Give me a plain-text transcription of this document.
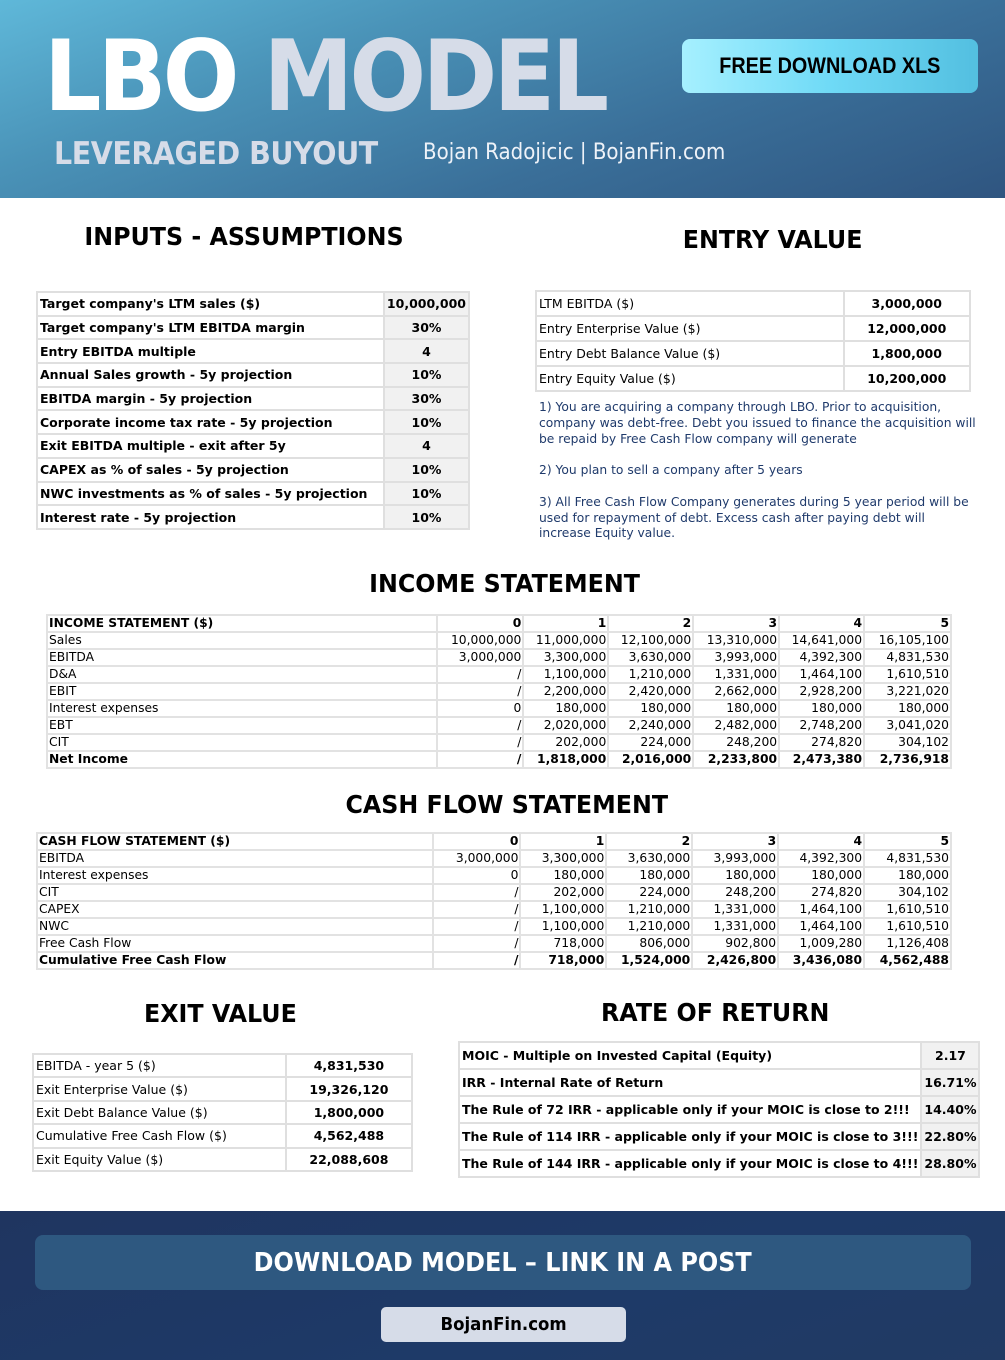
LBO MODEL
LEVERAGED BUYOUT Bojan Radojicic | BojanFin.com
FREE DOWNLOAD XLS
INPUTS - ASSUMPTIONS
Target company's LTM sales ($)	10,000,000
Target company's LTM EBITDA margin	30%
Entry EBITDA multiple	4
Annual Sales growth - 5y projection	10%
EBITDA margin - 5y projection	30%
Corporate income tax rate - 5y projection	10%
Exit EBITDA multiple - exit after 5y	4
CAPEX as % of sales - 5y projection	10%
NWC investments as % of sales - 5y projection	10%
Interest rate - 5y projection	10%
ENTRY VALUE
LTM EBITDA ($)	3,000,000
Entry Enterprise Value ($)	12,000,000
Entry Debt Balance Value ($)	1,800,000
Entry Equity Value ($)	10,200,000

1) You are acquiring a company through LBO. Prior to acquisition, company was debt-free. Debt you issued to finance the acquisition will be repaid by Free Cash Flow company will generate

2) You plan to sell a company after 5 years

3) All Free Cash Flow Company generates during 5 year period will be used for repayment of debt. Excess cash after paying debt will increase Equity value.

INCOME STATEMENT
INCOME STATEMENT ($)	0	1	2	3	4	5
Sales	10,000,000	11,000,000	12,100,000	13,310,000	14,641,000	16,105,100
EBITDA	3,000,000	3,300,000	3,630,000	3,993,000	4,392,300	4,831,530
D&A	/	1,100,000	1,210,000	1,331,000	1,464,100	1,610,510
EBIT	/	2,200,000	2,420,000	2,662,000	2,928,200	3,221,020
Interest expenses	0	180,000	180,000	180,000	180,000	180,000
EBT	/	2,020,000	2,240,000	2,482,000	2,748,200	3,041,020
CIT	/	202,000	224,000	248,200	274,820	304,102
Net Income	/	1,818,000	2,016,000	2,233,800	2,473,380	2,736,918
CASH FLOW STATEMENT
CASH FLOW STATEMENT ($)	0	1	2	3	4	5
EBITDA	3,000,000	3,300,000	3,630,000	3,993,000	4,392,300	4,831,530
Interest expenses	0	180,000	180,000	180,000	180,000	180,000
CIT	/	202,000	224,000	248,200	274,820	304,102
CAPEX	/	1,100,000	1,210,000	1,331,000	1,464,100	1,610,510
NWC	/	1,100,000	1,210,000	1,331,000	1,464,100	1,610,510
Free Cash Flow	/	718,000	806,000	902,800	1,009,280	1,126,408
Cumulative Free Cash Flow	/	718,000	1,524,000	2,426,800	3,436,080	4,562,488
EXIT VALUE
EBITDA - year 5 ($)	4,831,530
Exit Enterprise Value ($)	19,326,120
Exit Debt Balance Value ($)	1,800,000
Cumulative Free Cash Flow ($)	4,562,488
Exit Equity Value ($)	22,088,608
RATE OF RETURN
MOIC - Multiple on Invested Capital (Equity)	2.17
IRR - Internal Rate of Return	16.71%
The Rule of 72 IRR - applicable only if your MOIC is close to 2!!!	14.40%
The Rule of 114 IRR - applicable only if your MOIC is close to 3!!!	22.80%
The Rule of 144 IRR - applicable only if your MOIC is close to 4!!!	28.80%
DOWNLOAD MODEL – LINK IN A POST
BojanFin.com
